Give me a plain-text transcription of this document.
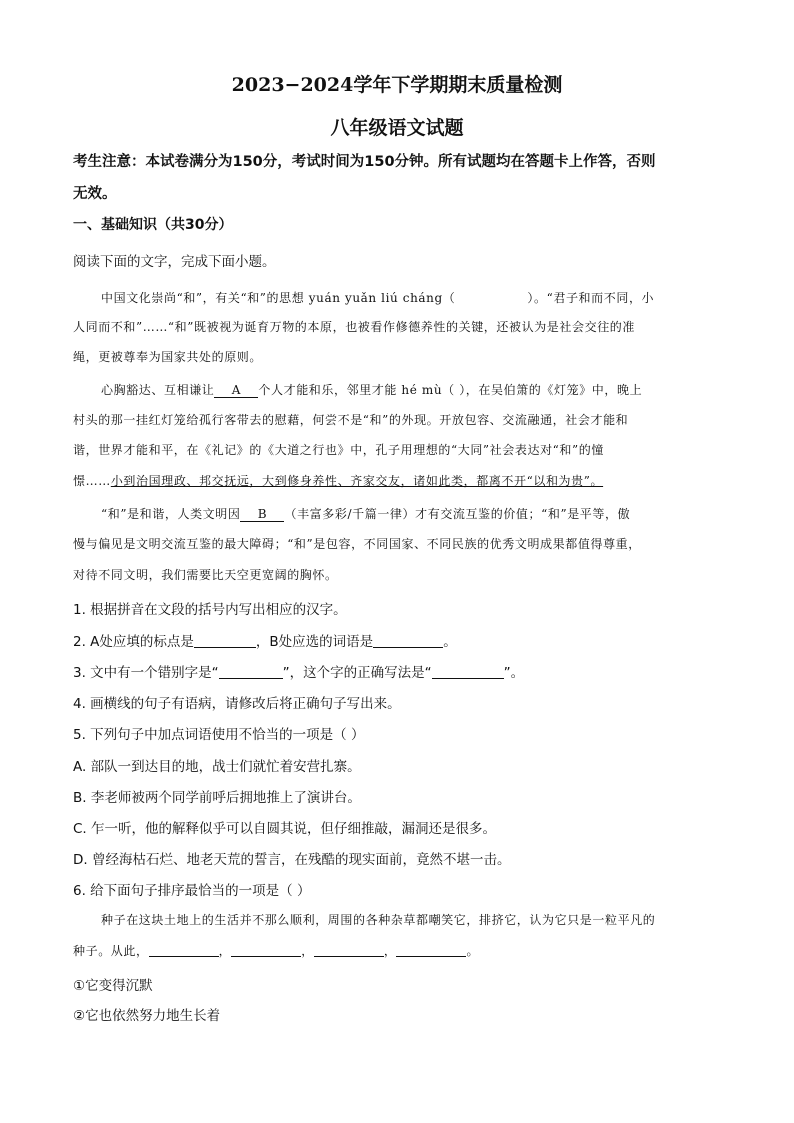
2023−2024学年下学期期末质量检测
八年级语文试题
考生注意：本试卷满分为150分，考试时间为150分钟。所有试题均在答题卡上作答，否则
无效。
一、基础知识（共30分）
阅读下面的文字，完成下面小题。
中国文化崇尚“和”，有关“和”的思想 yuán yuǎn liú cháng（	）。“君子和而不同，小
人同而不和”……“和”既被视为诞育万物的本原，也被看作修德养性的关键，还被认为是社会交往的准
绳，更被尊奉为国家共处的原则。
心胸豁达、互相谦让 A 个人才能和乐，邻里才能 hé mù（ ），在吴伯箫的《灯笼》中，晚上
村头的那一挂红灯笼给孤行客带去的慰藉，何尝不是“和”的外现。开放包容、交流融通，社会才能和
谐，世界才能和平，在《礼记》的《大道之行也》中，孔子用理想的“大同”社会表达对“和”的憧
憬……小到治国理政、邦交抚远，大到修身养性、齐家交友，诸如此类，都离不开“以和为贵”。
“和”是和谐，人类文明因 B （丰富多彩/千篇一律）才有交流互鉴的价值；“和”是平等，傲
慢与偏见是文明交流互鉴的最大障碍；“和”是包容，不同国家、不同民族的优秀文明成果都值得尊重，
对待不同文明，我们需要比天空更宽阔的胸怀。
1. 根据拼音在文段的括号内写出相应的汉字。
2. A处应填的标点是	，B处应选的词语是	。
3. 文中有一个错别字是“	”，这个字的正确写法是“	”。
4. 画横线的句子有语病，请修改后将正确句子写出来。
5. 下列句子中加点词语使用不恰当的一项是（ ）
A. 部队一到达目的地，战士们就忙着安营扎寨。
B. 李老师被两个同学前呼后拥地推上了演讲台。
C. 乍一听，他的解释似乎可以自圆其说，但仔细推敲，漏洞还是很多。
D. 曾经海枯石烂、地老天荒的誓言，在残酷的现实面前，竟然不堪一击。
6. 给下面句子排序最恰当的一项是（ ）
种子在这块土地上的生活并不那么顺利，周围的各种杂草都嘲笑它，排挤它，认为它只是一粒平凡的
种子。从此，	，	，	，	。
①它变得沉默
②它也依然努力地生长着
